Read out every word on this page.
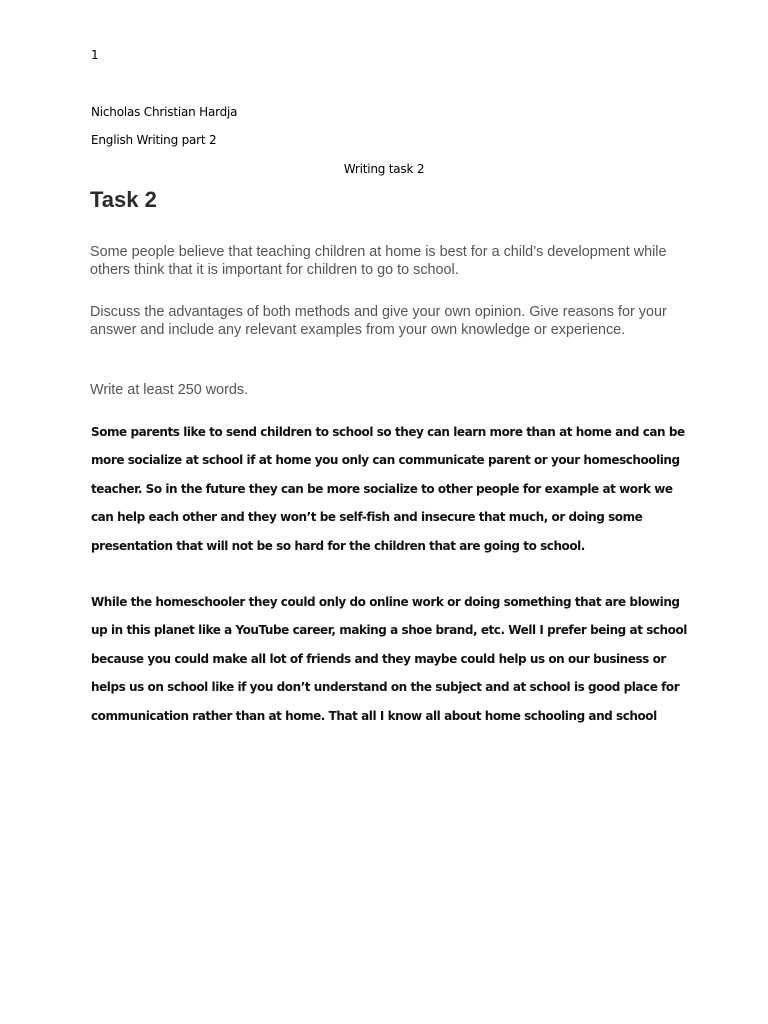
1
Nicholas Christian Hardja
English Writing part 2
Writing task 2
Task 2

Some people believe that teaching children at home is best for a child’s development while others think that it is important for children to go to school.

Discuss the advantages of both methods and give your own opinion. Give reasons for your answer and include any relevant examples from your own knowledge or experience.

Write at least 250 words.

Some parents like to send children to school so they can learn more than at home and can be
more socialize at school if at home you only can communicate parent or your homeschooling
teacher. So in the future they can be more socialize to other people for example at work we
can help each other and they won’t be self-fish and insecure that much, or doing some
presentation that will not be so hard for the children that are going to school.
While the homeschooler they could only do online work or doing something that are blowing
up in this planet like a YouTube career, making a shoe brand, etc. Well I prefer being at school
because you could make all lot of friends and they maybe could help us on our business or
helps us on school like if you don’t understand on the subject and at school is good place for
communication rather than at home. That all I know all about home schooling and school
